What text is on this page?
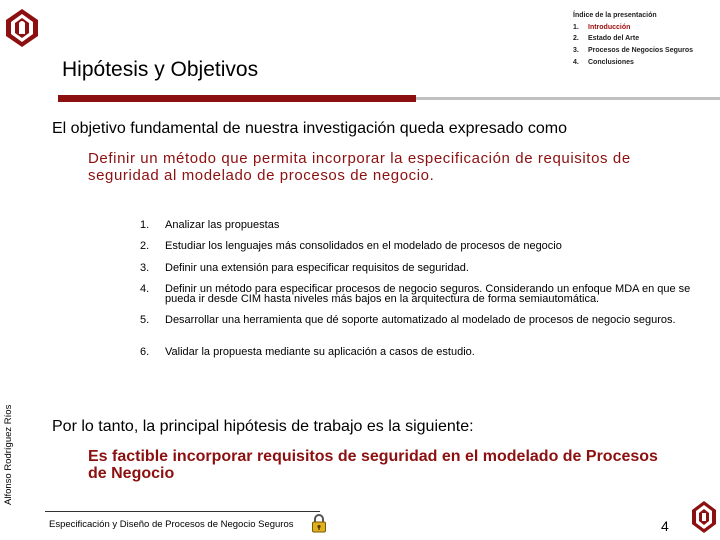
Hipótesis y Objetivos
Índice de la presentación
1.	Introducción
2.	Estado del Arte
3.	Procesos de Negocios Seguros
4.	Conclusiones
Alfonso Rodríguez Ríos
El objetivo fundamental de nuestra investigación queda expresado como
Definir un método que permita incorporar la especificación de requisitos de seguridad al modelado de procesos de negocio.
1.	Analizar las propuestas
2.	Estudiar los lenguajes más consolidados en el modelado de procesos de negocio
3.	Definir una extensión para especificar requisitos de seguridad.
4.	Definir un método para especificar procesos de negocio seguros. Considerando un enfoque MDA en que se pueda ir desde CIM hasta niveles más bajos en la arquitectura de forma semiautomática.
5.	Desarrollar una herramienta que dé soporte automatizado al modelado de procesos de negocio seguros.
6.	Validar la propuesta mediante su aplicación a casos de estudio.
Por lo tanto, la principal hipótesis de trabajo es la siguiente:
Es factible incorporar requisitos de seguridad en el modelado de Procesos de Negocio
Especificación y Diseño de Procesos de Negocio Seguros	4
